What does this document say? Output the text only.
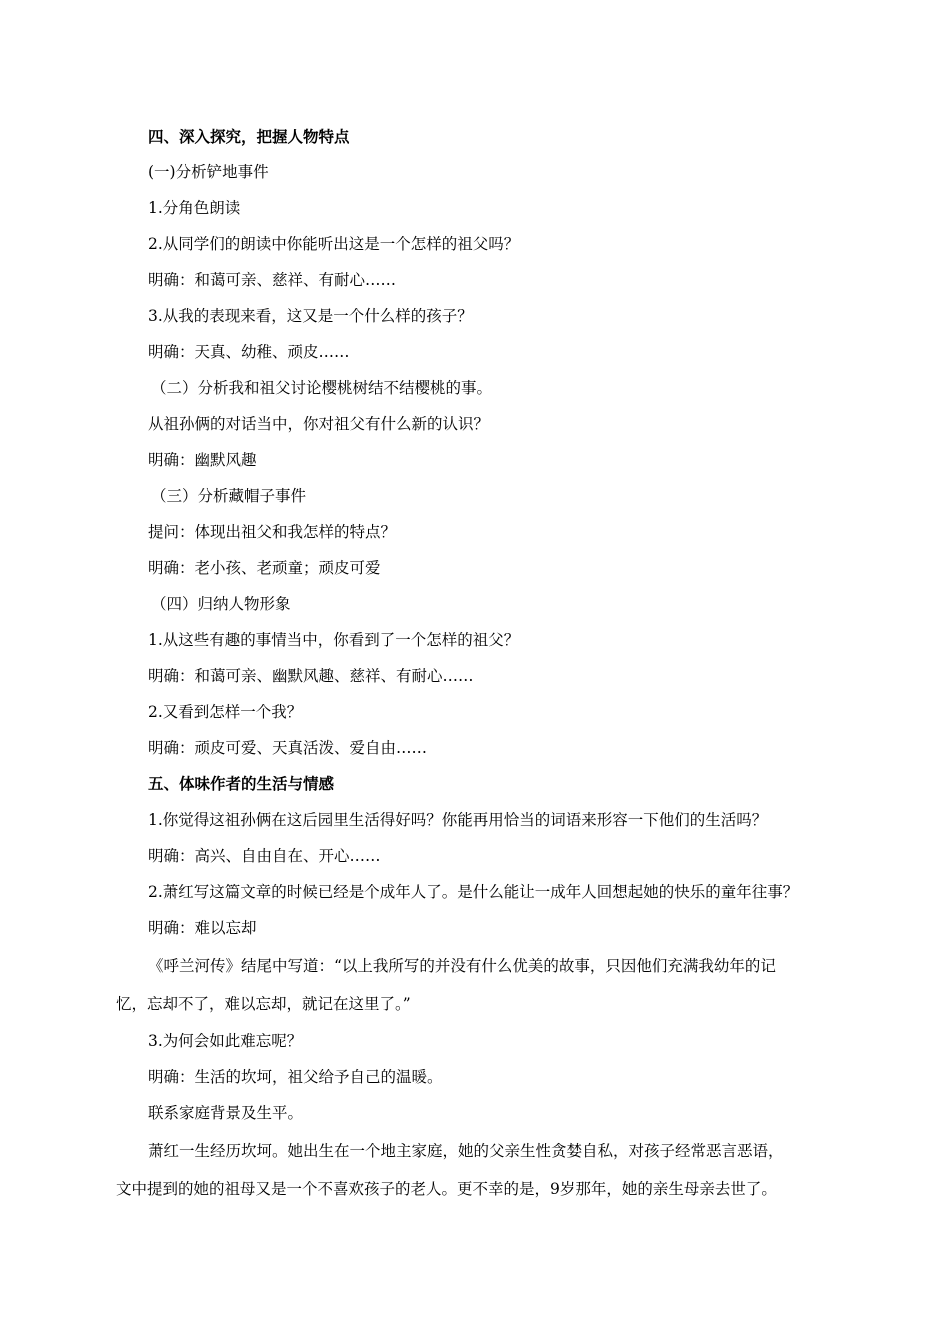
四、深入探究，把握人物特点
(一)分析铲地事件
1.分角色朗读
2.从同学们的朗读中你能听出这是一个怎样的祖父吗？
明确：和蔼可亲、慈祥、有耐心……
3.从我的表现来看，这又是一个什么样的孩子？
明确：天真、幼稚、顽皮……
（二）分析我和祖父讨论樱桃树结不结樱桃的事。
从祖孙俩的对话当中，你对祖父有什么新的认识？
明确：幽默风趣
（三）分析藏帽子事件
提问：体现出祖父和我怎样的特点？
明确：老小孩、老顽童；顽皮可爱
（四）归纳人物形象
1.从这些有趣的事情当中，你看到了一个怎样的祖父？
明确：和蔼可亲、幽默风趣、慈祥、有耐心……
2.又看到怎样一个我？
明确：顽皮可爱、天真活泼、爱自由……
五、体味作者的生活与情感
1.你觉得这祖孙俩在这后园里生活得好吗？你能再用恰当的词语来形容一下他们的生活吗？
明确：高兴、自由自在、开心……
2.萧红写这篇文章的时候已经是个成年人了。是什么能让一成年人回想起她的快乐的童年往事？
明确：难以忘却
《呼兰河传》结尾中写道：“以上我所写的并没有什么优美的故事，只因他们充满我幼年的记
忆，忘却不了，难以忘却，就记在这里了。”
3.为何会如此难忘呢？
明确：生活的坎坷，祖父给予自己的温暖。
联系家庭背景及生平。
萧红一生经历坎坷。她出生在一个地主家庭，她的父亲生性贪婪自私，对孩子经常恶言恶语，
文中提到的她的祖母又是一个不喜欢孩子的老人。更不幸的是，9岁那年，她的亲生母亲去世了。
